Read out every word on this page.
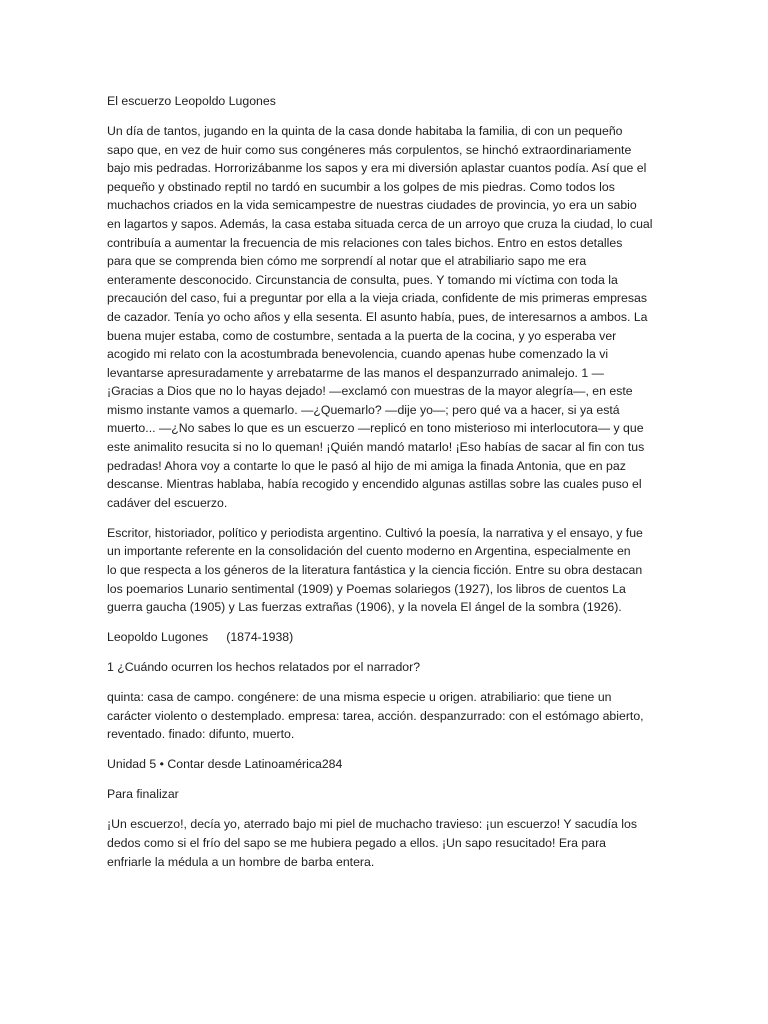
El escuerzo Leopoldo Lugones
Un día de tantos, jugando en la quinta de la casa donde habitaba la familia, di con un pequeño
sapo que, en vez de huir como sus congéneres más corpulentos, se hinchó extraordinariamente
bajo mis pedradas. Horrorizábanme los sapos y era mi diversión aplastar cuantos podía. Así que el
pequeño y obstinado reptil no tardó en sucumbir a los golpes de mis piedras. Como todos los
muchachos criados en la vida semicampestre de nuestras ciudades de provincia, yo era un sabio
en lagartos y sapos. Además, la casa estaba situada cerca de un arroyo que cruza la ciudad, lo cual
contribuía a aumentar la frecuencia de mis relaciones con tales bichos. Entro en estos detalles
para que se comprenda bien cómo me sorprendí al notar que el atrabiliario sapo me era
enteramente desconocido. Circunstancia de consulta, pues. Y tomando mi víctima con toda la
precaución del caso, fui a preguntar por ella a la vieja criada, confidente de mis primeras empresas
de cazador. Tenía yo ocho años y ella sesenta. El asunto había, pues, de interesarnos a ambos. La
buena mujer estaba, como de costumbre, sentada a la puerta de la cocina, y yo esperaba ver
acogido mi relato con la acostumbrada benevolencia, cuando apenas hube comenzado la vi
levantarse apresuradamente y arrebatarme de las manos el despanzurrado animalejo. 1 —
¡Gracias a Dios que no lo hayas dejado! —exclamó con muestras de la mayor alegría—, en este
mismo instante vamos a quemarlo. —¿Quemarlo? —dije yo—; pero qué va a hacer, si ya está
muerto... —¿No sabes lo que es un escuerzo —replicó en tono misterioso mi interlocutora— y que
este animalito resucita si no lo queman! ¡Quién mandó matarlo! ¡Eso habías de sacar al fin con tus
pedradas! Ahora voy a contarte lo que le pasó al hijo de mi amiga la finada Antonia, que en paz
descanse. Mientras hablaba, había recogido y encendido algunas astillas sobre las cuales puso el
cadáver del escuerzo.
Escritor, historiador, político y periodista argentino. Cultivó la poesía, la narrativa y el ensayo, y fue
un importante referente en la consolidación del cuento moderno en Argentina, especialmente en
lo que respecta a los géneros de la literatura fantástica y la ciencia ficción. Entre su obra destacan
los poemarios Lunario sentimental (1909) y Poemas solariegos (1927), los libros de cuentos La
guerra gaucha (1905) y Las fuerzas extrañas (1906), y la novela El ángel de la sombra (1926).
Leopoldo Lugones (1874-1938)
1 ¿Cuándo ocurren los hechos relatados por el narrador?
quinta: casa de campo. congénere: de una misma especie u origen. atrabiliario: que tiene un
carácter violento o destemplado. empresa: tarea, acción. despanzurrado: con el estómago abierto,
reventado. finado: difunto, muerto.
Unidad 5 • Contar desde Latinoamérica284
Para finalizar
¡Un escuerzo!, decía yo, aterrado bajo mi piel de muchacho travieso: ¡un escuerzo! Y sacudía los
dedos como si el frío del sapo se me hubiera pegado a ellos. ¡Un sapo resucitado! Era para
enfriarle la médula a un hombre de barba entera.
